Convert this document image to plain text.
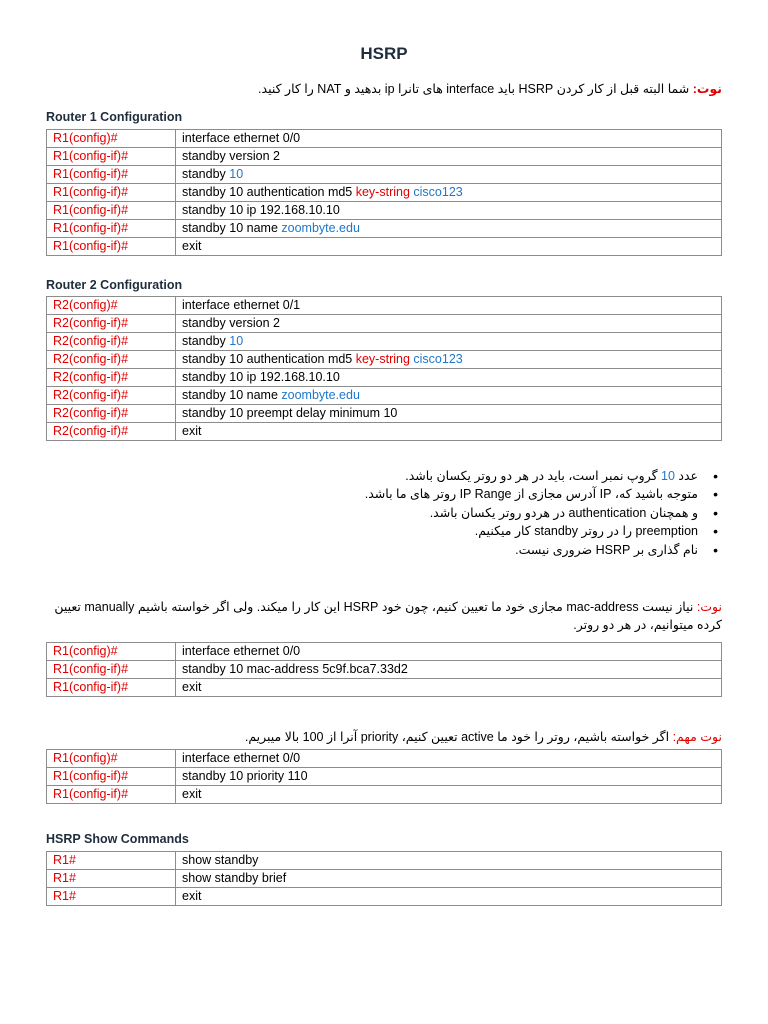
HSRP
نوت: شما البته قبل از کار کردن HSRP باید interface های تانرا ip بدهید و NAT را کار کنید.
Router 1 Configuration
R1(config)#	interface ethernet 0/0
R1(config-if)#	standby version 2
R1(config-if)#	standby 10
R1(config-if)#	standby 10 authentication md5 key-string cisco123
R1(config-if)#	standby 10 ip 192.168.10.10
R1(config-if)#	standby 10 name zoombyte.edu
R1(config-if)#	exit
Router 2 Configuration
R2(config)#	interface ethernet 0/1
R2(config-if)#	standby version 2
R2(config-if)#	standby 10
R2(config-if)#	standby 10 authentication md5 key-string cisco123
R2(config-if)#	standby 10 ip 192.168.10.10
R2(config-if)#	standby 10 name zoombyte.edu
R2(config-if)#	standby 10 preempt delay minimum 10
R2(config-if)#	exit
• عدد 10 گروپ نمبر است، باید در هر دو روتر یکسان باشد.
• متوجه باشید که، IP آدرس مجازی از IP Range روتر های ما باشد.
• و همچنان authentication در هردو روتر یکسان باشد.
• preemption را در روتر standby کار میکنیم.
• نام گذاری بر HSRP ضروری نیست.
نوت: نیاز نیست mac-address مجازی خود ما تعیین کنیم، چون خود HSRP این کار را میکند. ولی اگر خواسته باشیم manually تعیین کرده میتوانیم، در هر دو روتر.
R1(config)#	interface ethernet 0/0
R1(config-if)#	standby 10 mac-address 5c9f.bca7.33d2
R1(config-if)#	exit
نوت مهم: اگر خواسته باشیم، روتر را خود ما active تعیین کنیم، priority آنرا از 100 بالا میبریم.
R1(config)#	interface ethernet 0/0
R1(config-if)#	standby 10 priority 110
R1(config-if)#	exit
HSRP Show Commands
R1#	show standby
R1#	show standby brief
R1#	exit
